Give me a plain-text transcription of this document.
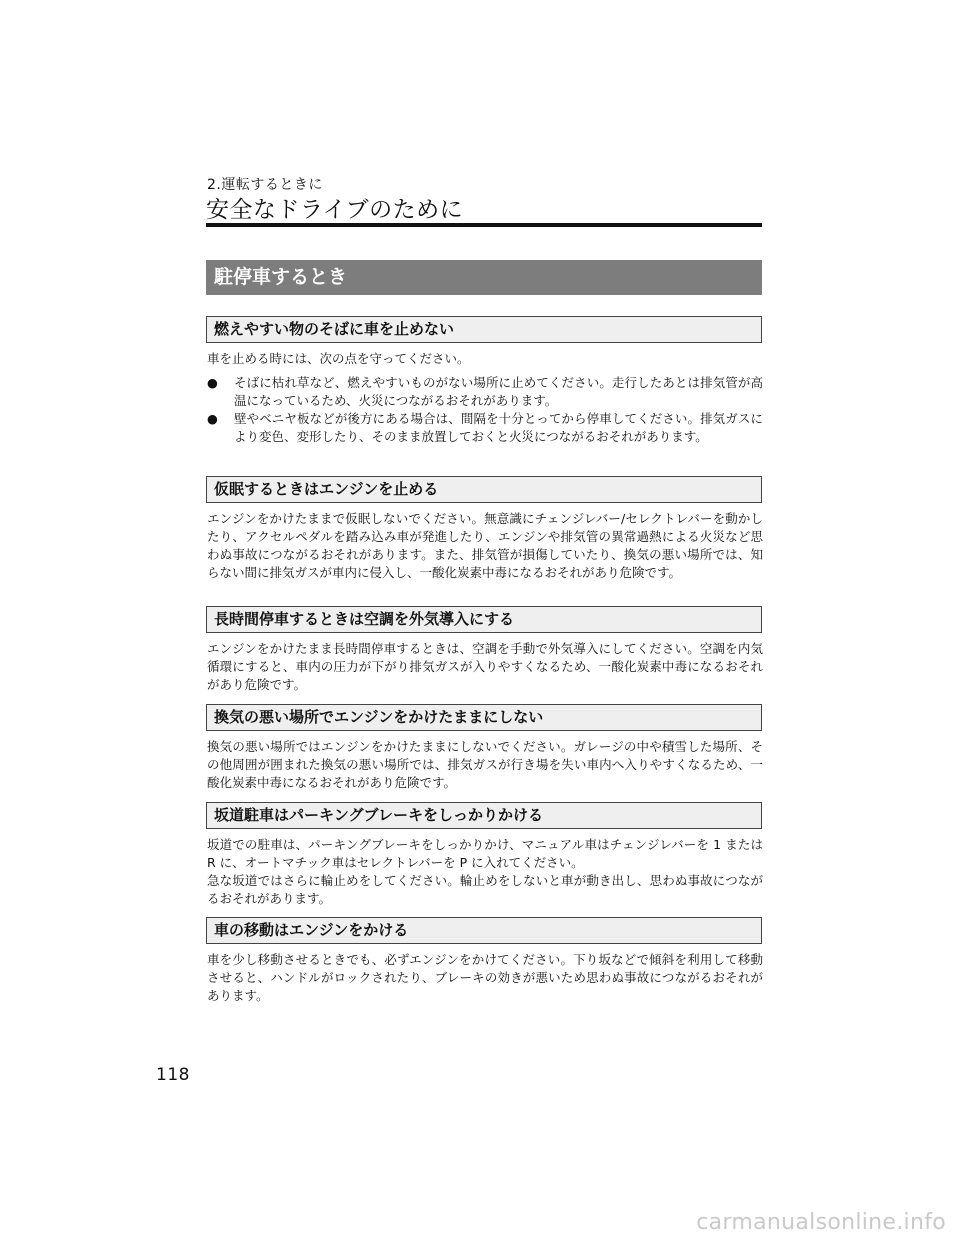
2.運転するときに
安全なドライブのために
駐停車するとき
燃えやすい物のそばに車を止めない

車を止める時には、次の点を守ってください。

● そばに枯れ草など、燃えやすいものがない場所に止めてください。走行したあとは排気管が高温になっているため、火災につながるおそれがあります。
● 壁やベニヤ板などが後方にある場合は、間隔を十分とってから停車してください。排気ガスにより変色、変形したり、そのまま放置しておくと火災につながるおそれがあります。
仮眠するときはエンジンを止める

エンジンをかけたままで仮眠しないでください。無意識にチェンジレバー/セレクトレバーを動かしたり、アクセルペダルを踏み込み車が発進したり、エンジンや排気管の異常過熱による火災など思わぬ事故につながるおそれがあります。また、排気管が損傷していたり、換気の悪い場所では、知らない間に排気ガスが車内に侵入し、一酸化炭素中毒になるおそれがあり危険です。

長時間停車するときは空調を外気導入にする

エンジンをかけたまま長時間停車するときは、空調を手動で外気導入にしてください。空調を内気循環にすると、車内の圧力が下がり排気ガスが入りやすくなるため、一酸化炭素中毒になるおそれがあり危険です。

換気の悪い場所でエンジンをかけたままにしない

換気の悪い場所ではエンジンをかけたままにしないでください。ガレージの中や積雪した場所、その他周囲が囲まれた換気の悪い場所では、排気ガスが行き場を失い車内へ入りやすくなるため、一酸化炭素中毒になるおそれがあり危険です。

坂道駐車はパーキングブレーキをしっかりかける

坂道での駐車は、パーキングブレーキをしっかりかけ、マニュアル車はチェンジレバーを 1 または R に、オートマチック車はセレクトレバーを P に入れてください。

急な坂道ではさらに輪止めをしてください。輪止めをしないと車が動き出し、思わぬ事故につながるおそれがあります。

車の移動はエンジンをかける

車を少し移動させるときでも、必ずエンジンをかけてください。下り坂などで傾斜を利用して移動させると、ハンドルがロックされたり、ブレーキの効きが悪いため思わぬ事故につながるおそれがあります。

118
carmanualsonline.info
